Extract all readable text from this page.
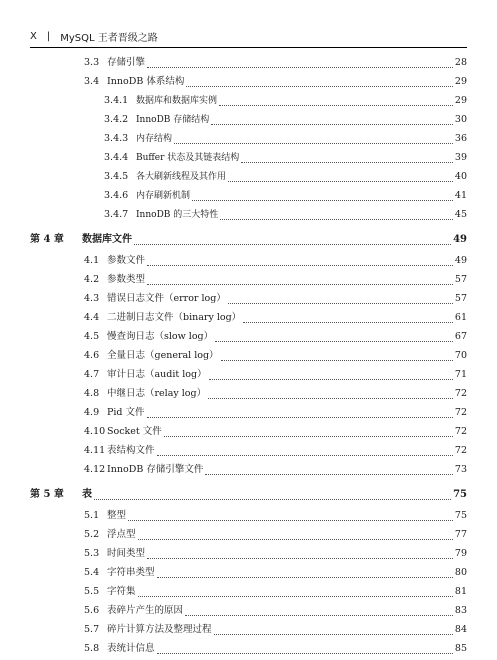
X | MySQL 王者晋级之路
3.3 存储引擎	28
3.4 InnoDB 体系结构	29
3.4.1 数据库和数据库实例	29
3.4.2 InnoDB 存储结构	30
3.4.3 内存结构	36
3.4.4 Buffer 状态及其链表结构	39
3.4.5 各大刷新线程及其作用	40
3.4.6 内存刷新机制	41
3.4.7 InnoDB 的三大特性	45
第 4 章 数据库文件	49
4.1 参数文件	49
4.2 参数类型	57
4.3 错误日志文件（error log）	57
4.4 二进制日志文件（binary log）	61
4.5 慢查询日志（slow log）	67
4.6 全量日志（general log）	70
4.7 审计日志（audit log）	71
4.8 中继日志（relay log）	72
4.9 Pid 文件	72
4.10 Socket 文件	72
4.11 表结构文件	72
4.12 InnoDB 存储引擎文件	73
第 5 章 表	75
5.1 整型	75
5.2 浮点型	77
5.3 时间类型	79
5.4 字符串类型	80
5.5 字符集	81
5.6 表碎片产生的原因	83
5.7 碎片计算方法及整理过程	84
5.8 表统计信息	85
